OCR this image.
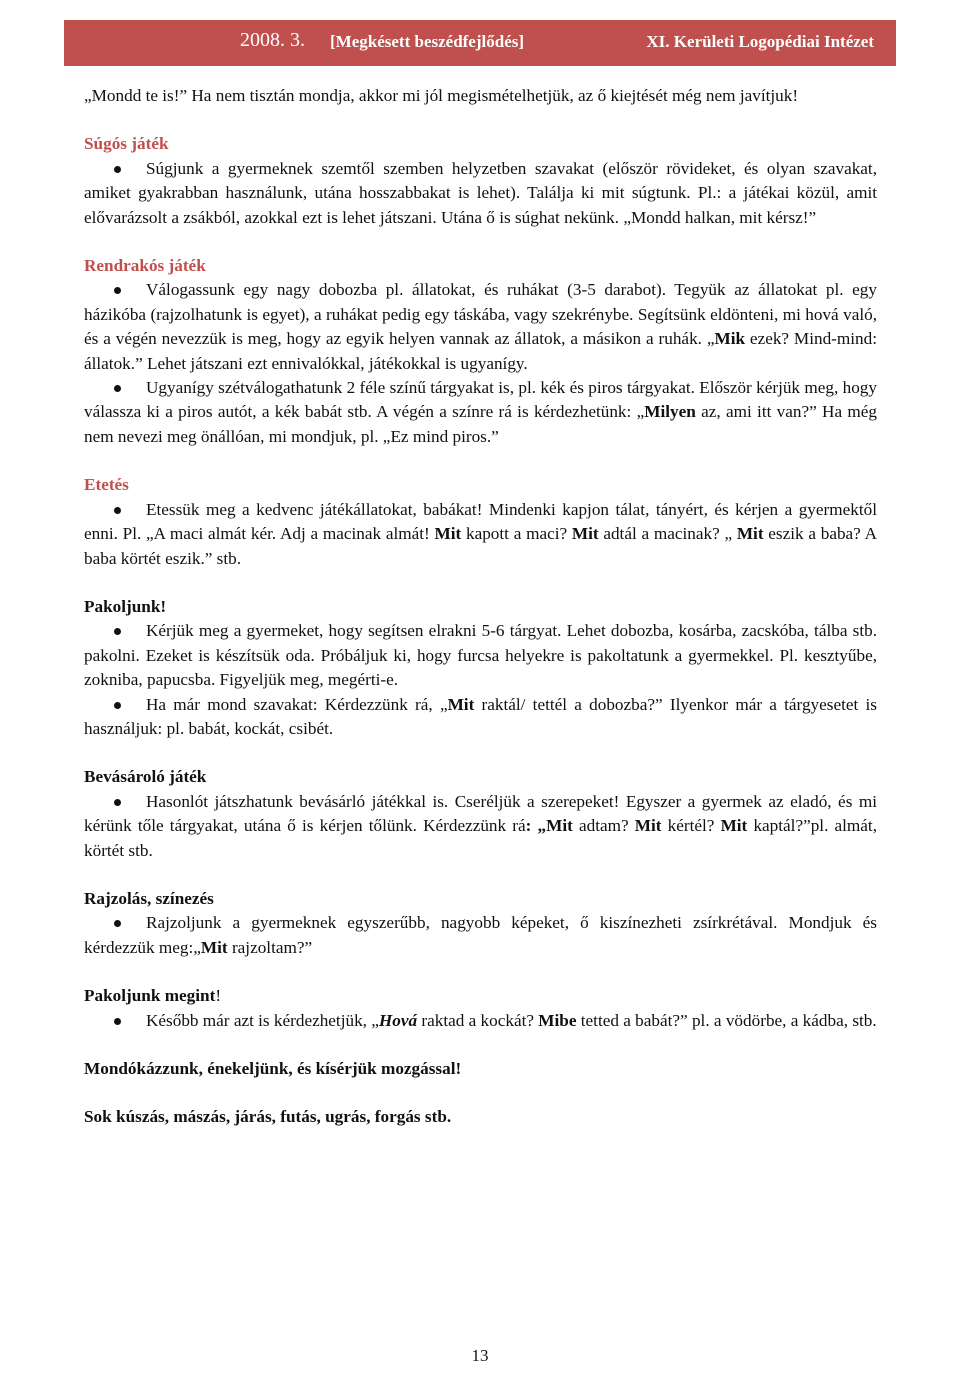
2008. 3. [Megkésett beszédfejlődés]	XI. Kerületi Logopédiai Intézet

„Mondd te is!” Ha nem tisztán mondja, akkor mi jól megismételhetjük, az ő kiejtését még nem javítjuk!

Súgós játék

Súgjunk a gyermeknek szemtől szemben helyzetben szavakat (először rövideket, és olyan szavakat, amiket gyakrabban használunk, utána hosszabbakat is lehet). Találja ki mit súgtunk. Pl.: a játékai közül, amit elővarázsolt a zsákból, azokkal ezt is lehet játszani. Utána ő is súghat nekünk. „Mondd halkan, mit kérsz!”

Rendrakós játék

Válogassunk egy nagy dobozba pl. állatokat, és ruhákat (3-5 darabot). Tegyük az állatokat pl. egy házikóba (rajzolhatunk is egyet), a ruhákat pedig egy táskába, vagy szekrénybe. Segítsünk eldönteni, mi hová való, és a végén nevezzük is meg, hogy az egyik helyen vannak az állatok, a másikon a ruhák. „Mik ezek? Mind-mind: állatok.” Lehet játszani ezt ennivalókkal, játékokkal is ugyanígy.

Ugyanígy szétválogathatunk 2 féle színű tárgyakat is, pl. kék és piros tárgyakat. Először kérjük meg, hogy válassza ki a piros autót, a kék babát stb. A végén a színre rá is kérdezhetünk: „Milyen az, ami itt van?” Ha még nem nevezi meg önállóan, mi mondjuk, pl. „Ez mind piros.”

Etetés

Etessük meg a kedvenc játékállatokat, babákat! Mindenki kapjon tálat, tányért, és kérjen a gyermektől enni. Pl. „A maci almát kér. Adj a macinak almát! Mit kapott a maci? Mit adtál a macinak? „ Mit eszik a baba? A baba körtét eszik.” stb.

Pakoljunk!

Kérjük meg a gyermeket, hogy segítsen elrakni 5-6 tárgyat. Lehet dobozba, kosárba, zacskóba, tálba stb. pakolni. Ezeket is készítsük oda. Próbáljuk ki, hogy furcsa helyekre is pakoltatunk a gyermekkel. Pl. kesztyűbe, zokniba, papucsba. Figyeljük meg, megérti-e.

Ha már mond szavakat: Kérdezzünk rá, „Mit raktál/ tettél a dobozba?” Ilyenkor már a tárgyesetet is használjuk: pl. babát, kockát, csibét.

Bevásároló játék

Hasonlót játszhatunk bevásárló játékkal is. Cseréljük a szerepeket! Egyszer a gyermek az eladó, és mi kérünk tőle tárgyakat, utána ő is kérjen tőlünk. Kérdezzünk rá: „Mit adtam? Mit kértél? Mit kaptál?”pl. almát, körtét stb.

Rajzolás, színezés

Rajzoljunk a gyermeknek egyszerűbb, nagyobb képeket, ő kiszínezheti zsírkrétával. Mondjuk és kérdezzük meg:„Mit rajzoltam?”

Pakoljunk megint!

Később már azt is kérdezhetjük, „Hová raktad a kockát? Mibe tetted a babát?” pl. a vödörbe, a kádba, stb.

Mondókázzunk, énekeljünk, és kísérjük mozgással!

Sok kúszás, mászás, járás, futás, ugrás, forgás stb.

13
